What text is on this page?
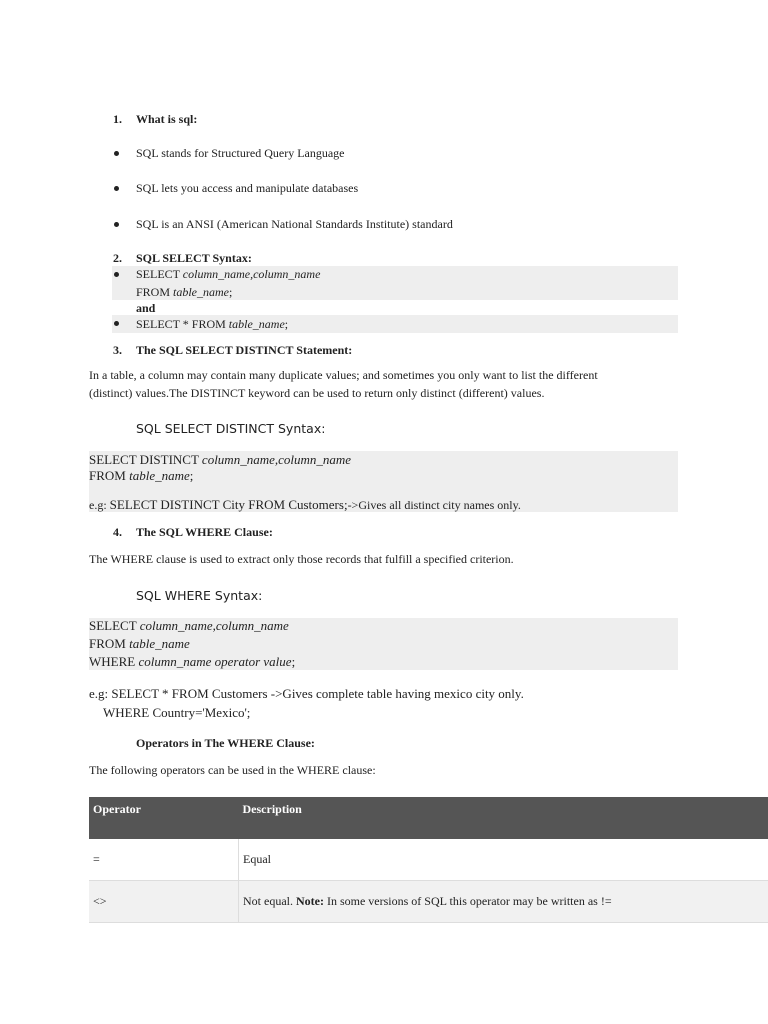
1. What is sql:
SQL stands for Structured Query Language
SQL lets you access and manipulate databases
SQL is an ANSI (American National Standards Institute) standard
2. SQL SELECT Syntax:
SELECT column_name,column_name
FROM table_name;
and
SELECT * FROM table_name;
3. The SQL SELECT DISTINCT Statement:
In a table, a column may contain many duplicate values; and sometimes you only want to list the different
(distinct) values.The DISTINCT keyword can be used to return only distinct (different) values.
SQL SELECT DISTINCT Syntax:
SELECT DISTINCT column_name,column_name
FROM table_name;
e.g: SELECT DISTINCT City FROM Customers;->Gives all distinct city names only.
4. The SQL WHERE Clause:
The WHERE clause is used to extract only those records that fulfill a specified criterion.
SQL WHERE Syntax:
SELECT column_name,column_name
FROM table_name
WHERE column_name operator value;
e.g: SELECT * FROM Customers ->Gives complete table having mexico city only.
WHERE Country='Mexico';
Operators in The WHERE Clause:
The following operators can be used in the WHERE clause:
Operator	Description
=	Equal
<>	Not equal. Note: In some versions of SQL this operator may be written as !=
